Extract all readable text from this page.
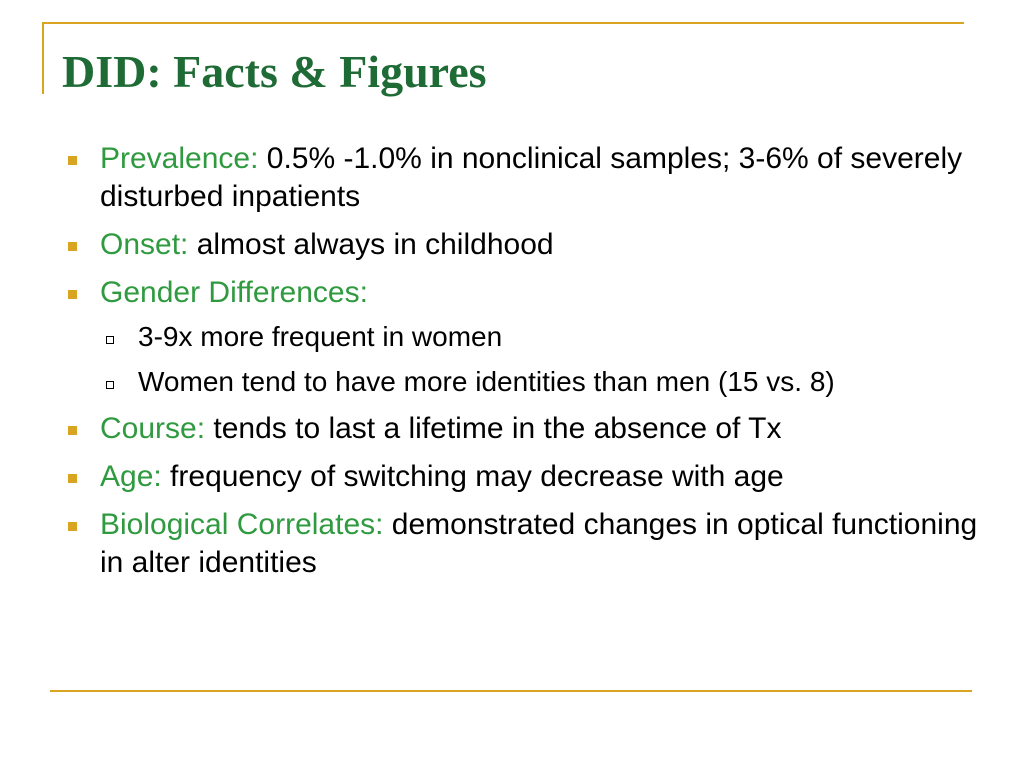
DID: Facts & Figures
Prevalence: 0.5% -1.0% in nonclinical samples; 3-6% of severely disturbed inpatients
Onset: almost always in childhood
Gender Differences:
3-9x more frequent in women
Women tend to have more identities than men (15 vs. 8)
Course: tends to last a lifetime in the absence of Tx
Age: frequency of switching may decrease with age
Biological Correlates: demonstrated changes in optical functioning in alter identities
